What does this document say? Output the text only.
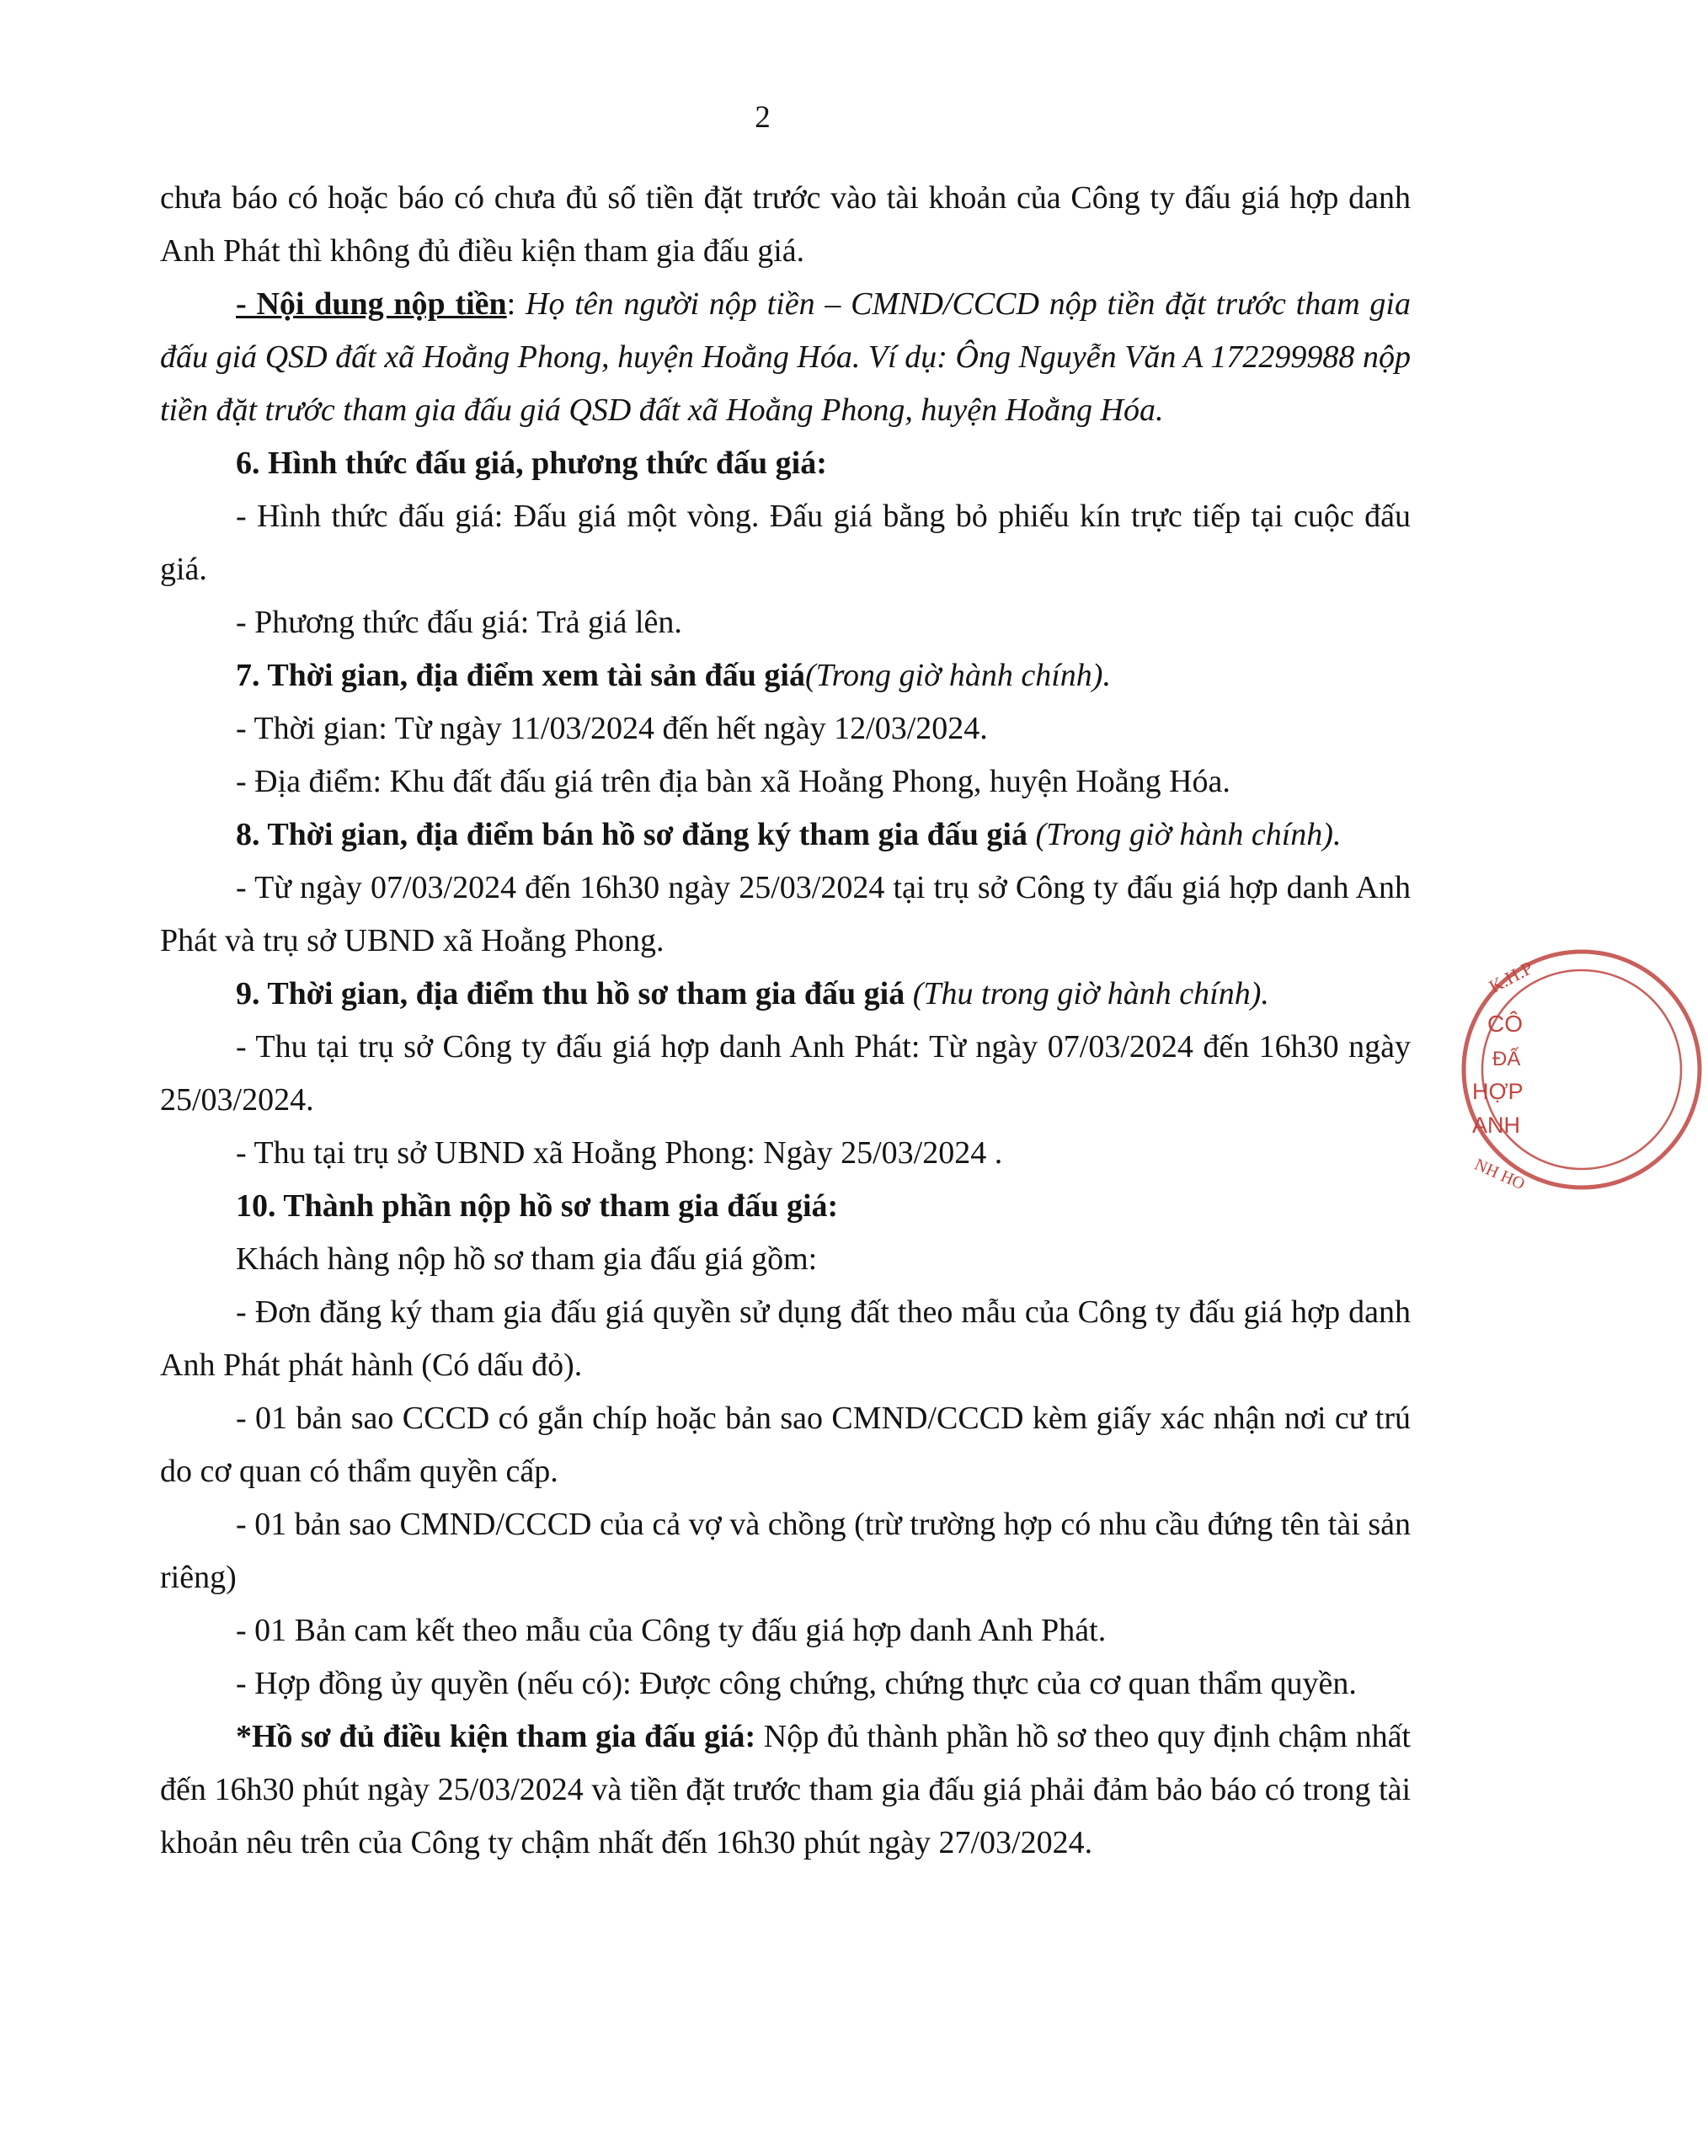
2

chưa báo có hoặc báo có chưa đủ số tiền đặt trước vào tài khoản của Công ty đấu giá hợp danh Anh Phát thì không đủ điều kiện tham gia đấu giá.

- Nội dung nộp tiền: Họ tên người nộp tiền – CMND/CCCD nộp tiền đặt trước tham gia đấu giá QSD đất xã Hoằng Phong, huyện Hoằng Hóa. Ví dụ: Ông Nguyễn Văn A 172299988 nộp tiền đặt trước tham gia đấu giá QSD đất xã Hoằng Phong, huyện Hoằng Hóa.

6. Hình thức đấu giá, phương thức đấu giá:

- Hình thức đấu giá: Đấu giá một vòng. Đấu giá bằng bỏ phiếu kín trực tiếp tại cuộc đấu giá.

- Phương thức đấu giá: Trả giá lên.

7. Thời gian, địa điểm xem tài sản đấu giá(Trong giờ hành chính).

- Thời gian: Từ ngày 11/03/2024 đến hết ngày 12/03/2024.

- Địa điểm: Khu đất đấu giá trên địa bàn xã Hoằng Phong, huyện Hoằng Hóa.

8. Thời gian, địa điểm bán hồ sơ đăng ký tham gia đấu giá (Trong giờ hành chính).

- Từ ngày 07/03/2024 đến 16h30 ngày 25/03/2024 tại trụ sở Công ty đấu giá hợp danh Anh Phát và trụ sở UBND xã Hoằng Phong.

9. Thời gian, địa điểm thu hồ sơ tham gia đấu giá (Thu trong giờ hành chính).

- Thu tại trụ sở Công ty đấu giá hợp danh Anh Phát: Từ ngày 07/03/2024 đến 16h30 ngày 25/03/2024.

- Thu tại trụ sở UBND xã Hoằng Phong: Ngày 25/03/2024 .

10. Thành phần nộp hồ sơ tham gia đấu giá:

Khách hàng nộp hồ sơ tham gia đấu giá gồm:

- Đơn đăng ký tham gia đấu giá quyền sử dụng đất theo mẫu của Công ty đấu giá hợp danh Anh Phát phát hành (Có dấu đỏ).

- 01 bản sao CCCD có gắn chíp hoặc bản sao CMND/CCCD kèm giấy xác nhận nơi cư trú do cơ quan có thẩm quyền cấp.

- 01 bản sao CMND/CCCD của cả vợ và chồng (trừ trường hợp có nhu cầu đứng tên tài sản riêng)

- 01 Bản cam kết theo mẫu của Công ty đấu giá hợp danh Anh Phát.

- Hợp đồng ủy quyền (nếu có): Được công chứng, chứng thực của cơ quan thẩm quyền.

*Hồ sơ đủ điều kiện tham gia đấu giá: Nộp đủ thành phần hồ sơ theo quy định chậm nhất đến 16h30 phút ngày 25/03/2024 và tiền đặt trước tham gia đấu giá phải đảm bảo báo có trong tài khoản nêu trên của Công ty chậm nhất đến 16h30 phút ngày 27/03/2024.

K.H.P
CÔ
ĐẤ
HỢP
ANH
NH HO
